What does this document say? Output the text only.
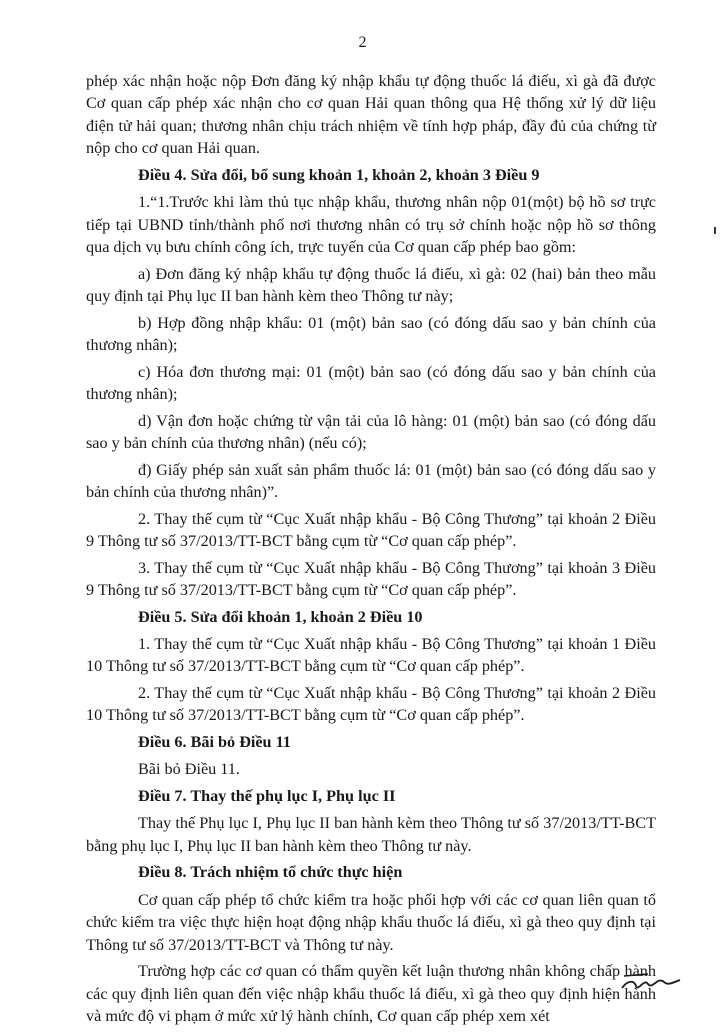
2

phép xác nhận hoặc nộp Đơn đăng ký nhập khẩu tự động thuốc lá điếu, xì gà đã được Cơ quan cấp phép xác nhận cho cơ quan Hải quan thông qua Hệ thống xử lý dữ liệu điện tử hải quan; thương nhân chịu trách nhiệm về tính hợp pháp, đầy đủ của chứng từ nộp cho cơ quan Hải quan.

Điều 4. Sửa đổi, bổ sung khoản 1, khoản 2, khoản 3 Điều 9

1.“1.Trước khi làm thủ tục nhập khẩu, thương nhân nộp 01(một) bộ hồ sơ trực tiếp tại UBND tỉnh/thành phố nơi thương nhân có trụ sở chính hoặc nộp hồ sơ thông qua dịch vụ bưu chính công ích, trực tuyến của Cơ quan cấp phép bao gồm:

a) Đơn đăng ký nhập khẩu tự động thuốc lá điếu, xì gà: 02 (hai) bản theo mẫu quy định tại Phụ lục II ban hành kèm theo Thông tư này;

b) Hợp đồng nhập khẩu: 01 (một) bản sao (có đóng dấu sao y bản chính của thương nhân);

c) Hóa đơn thương mại: 01 (một) bản sao (có đóng dấu sao y bản chính của thương nhân);

d) Vận đơn hoặc chứng từ vận tải của lô hàng: 01 (một) bản sao (có đóng dấu sao y bản chính của thương nhân) (nếu có);

đ) Giấy phép sản xuất sản phẩm thuốc lá: 01 (một) bản sao (có đóng dấu sao y bản chính của thương nhân)”.

2. Thay thế cụm từ “Cục Xuất nhập khẩu - Bộ Công Thương” tại khoản 2 Điều 9 Thông tư số 37/2013/TT-BCT bằng cụm từ “Cơ quan cấp phép”.

3. Thay thế cụm từ “Cục Xuất nhập khẩu - Bộ Công Thương” tại khoản 3 Điều 9 Thông tư số 37/2013/TT-BCT bằng cụm từ “Cơ quan cấp phép”.

Điều 5. Sửa đổi khoản 1, khoản 2 Điều 10

1. Thay thế cụm từ “Cục Xuất nhập khẩu - Bộ Công Thương” tại khoản 1 Điều 10 Thông tư số 37/2013/TT-BCT bằng cụm từ “Cơ quan cấp phép”.

2. Thay thế cụm từ “Cục Xuất nhập khẩu - Bộ Công Thương” tại khoản 2 Điều 10 Thông tư số 37/2013/TT-BCT bằng cụm từ “Cơ quan cấp phép”.

Điều 6. Bãi bỏ Điều 11

Bãi bỏ Điều 11.

Điều 7. Thay thế phụ lục I, Phụ lục II

Thay thế Phụ lục I, Phụ lục II ban hành kèm theo Thông tư số 37/2013/TT-BCT bằng phụ lục I, Phụ lục II ban hành kèm theo Thông tư này.

Điều 8. Trách nhiệm tổ chức thực hiện

Cơ quan cấp phép tổ chức kiểm tra hoặc phối hợp với các cơ quan liên quan tổ chức kiểm tra việc thực hiện hoạt động nhập khẩu thuốc lá điếu, xì gà theo quy định tại Thông tư số 37/2013/TT-BCT và Thông tư này.

Trường hợp các cơ quan có thẩm quyền kết luận thương nhân không chấp hành các quy định liên quan đến việc nhập khẩu thuốc lá điếu, xì gà theo quy định hiện hành và mức độ vi phạm ở mức xử lý hành chính, Cơ quan cấp phép xem xét
